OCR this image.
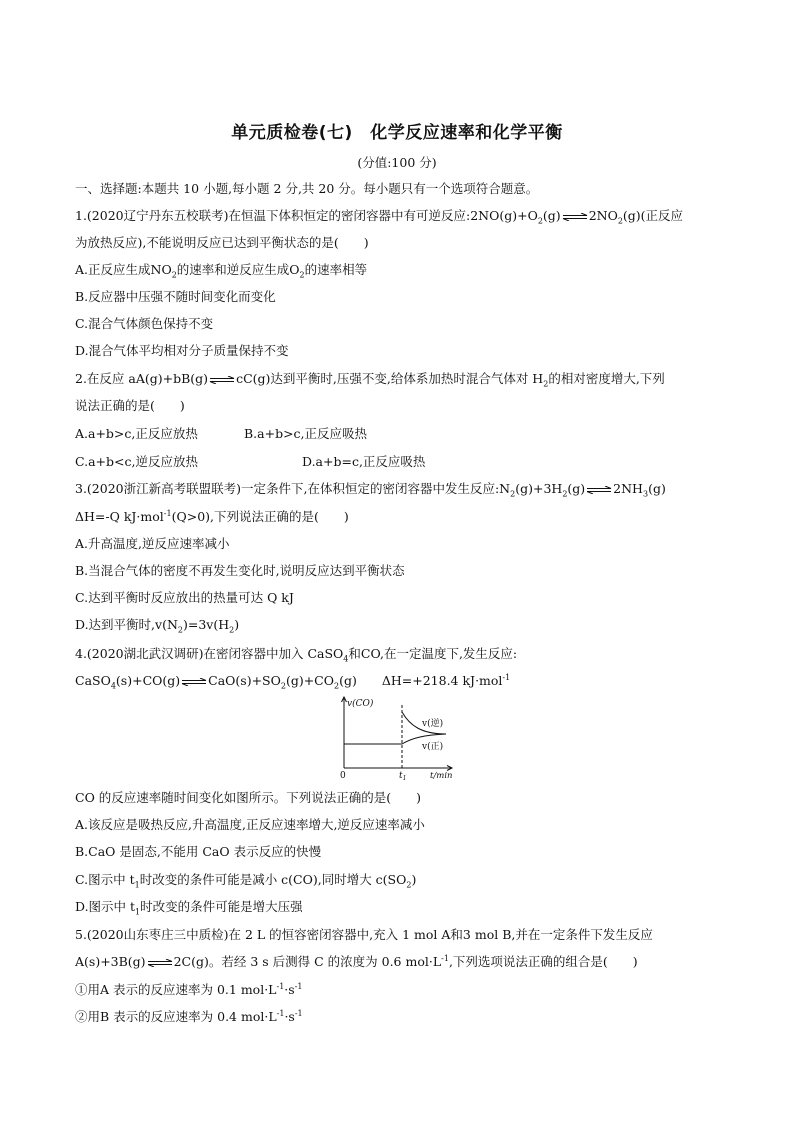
单元质检卷(七)　化学反应速率和化学平衡
(分值:100 分)
一、选择题:本题共 10 小题,每小题 2 分,共 20 分。每小题只有一个选项符合题意。
1.(2020辽宁丹东五校联考)在恒温下体积恒定的密闭容器中有可逆反应$:2NO(g)+O_2(g)\rightleftharpoons 2NO_2(g)$(正反应
为放热反应),不能说明反应已达到平衡状态的是(　　)
A.正反应生成$NO_2$的速率和逆反应生成$O_2$的速率相等
B.反应器中压强不随时间变化而变化
C.混合气体颜色保持不变
D.混合气体平均相对分子质量保持不变
2.在反应 aA(g)+bB(g)⇌cC(g)达到平衡时,压强不变,给体系加热时混合气体对 $H_2$的相对密度增大,下列
说法正确的是(　　)
A.a+b>c,正反应放热	B.a+b>c,正反应吸热
C.a+b<c,逆反应放热	D.a+b=c,正反应吸热
3.(2020浙江新高考联盟联考)一定条件下,在体积恒定的密闭容器中发生反应$:N_2(g)+3H_2(g)\rightleftharpoons 2NH_3(g)$
ΔH=-Q kJ·mol$^{-1}$(Q>0),下列说法正确的是(　　)
A.升高温度,逆反应速率减小
B.当混合气体的密度不再发生变化时,说明反应达到平衡状态
C.达到平衡时反应放出的热量可达 Q kJ
D.达到平衡时$,v(N_2)=3v(H_2)$
4.(2020湖北武汉调研)在密闭容器中加入 CaSO$_4$和CO,在一定温度下,发生反应:
$CaSO_4(s)+CO(g)\rightleftharpoons CaO(s)+SO_2(g)+CO_2(g)$　　ΔH=+218.4 kJ·mol$^{-1}$
v(CO)
v(逆)
v(正)
0	$t_1$	t/min
CO 的反应速率随时间变化如图所示。下列说法正确的是(　　)
A.该反应是吸热反应,升高温度,正反应速率增大,逆反应速率减小
B.CaO 是固态,不能用 CaO 表示反应的快慢
C.图示中 $t_1$时改变的条件可能是减小 c(CO),同时增大 $c(SO_2)$
D.图示中 $t_1$时改变的条件可能是增大压强
5.(2020山东枣庄三中质检)在 2 L 的恒容密闭容器中,充入 1 mol A和3 mol B,并在一定条件下发生反应
A(s)+3B(g)⇌2C(g)。若经 3 s 后测得 C 的浓度为 0.6 $mol\cdot L^{-1}$,下列选项说法正确的组合是(　　)
①用A 表示的反应速率为 0.1 $mol\cdot L^{-1}\cdot s^{-1}$
②用B 表示的反应速率为 0.4 $mol\cdot L^{-1}\cdot s^{-1}$
